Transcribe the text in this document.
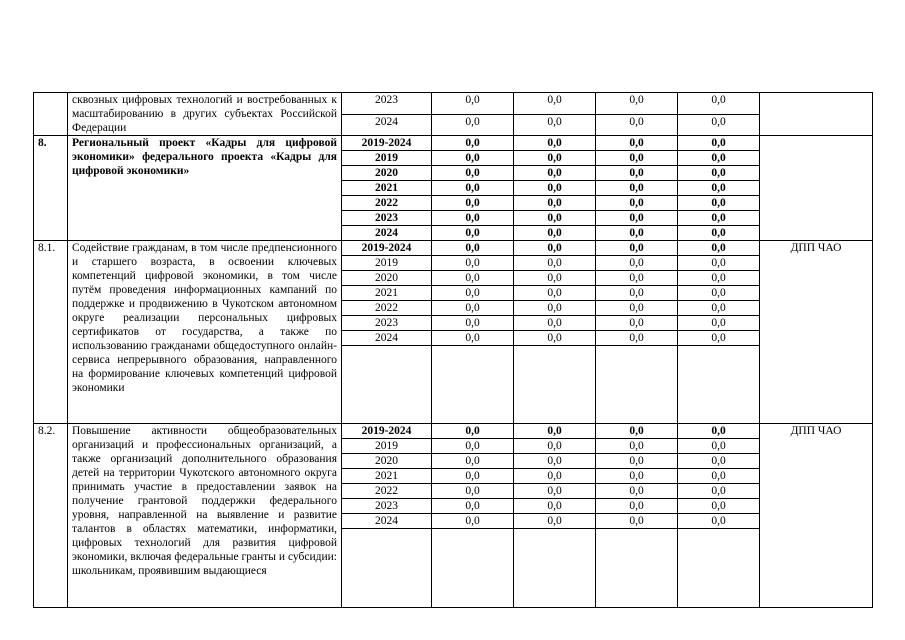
	сквозных цифровых технологий и востребованных к масштабированию в других субъектах Российской Федерации	2023	0,0	0,0	0,0	0,0	
		2024	0,0	0,0	0,0	0,0	
8.	Региональный проект «Кадры для цифровой экономики» федерального проекта «Кадры для цифровой экономики»	2019-2024	0,0	0,0	0,0	0,0	
		2019	0,0	0,0	0,0	0,0	
		2020	0,0	0,0	0,0	0,0	
		2021	0,0	0,0	0,0	0,0	
		2022	0,0	0,0	0,0	0,0	
		2023	0,0	0,0	0,0	0,0	
		2024	0,0	0,0	0,0	0,0	
8.1.	Содействие гражданам, в том числе предпенсионного и старшего возраста, в освоении ключевых компетенций цифровой экономики, в том числе путём проведения информационных кампаний по поддержке и продвижению в Чукотском автономном округе реализации персональных цифровых сертификатов от государства, а также по использованию гражданами общедоступного онлайн-сервиса непрерывного образования, направленного на формирование ключевых компетенций цифровой экономики	2019-2024	0,0	0,0	0,0	0,0	ДПП ЧАО
		2019	0,0	0,0	0,0	0,0	
		2020	0,0	0,0	0,0	0,0	
		2021	0,0	0,0	0,0	0,0	
		2022	0,0	0,0	0,0	0,0	
		2023	0,0	0,0	0,0	0,0	
		2024	0,0	0,0	0,0	0,0	

8.2.	Повышение активности общеобразовательных организаций и профессиональных организаций, а также организаций дополнительного образования детей на территории Чукотского автономного округа принимать участие в предоставлении заявок на получение грантовой поддержки федерального уровня, направленной на выявление и развитие талантов в областях математики, информатики, цифровых технологий для развития цифровой экономики, включая федеральные гранты и субсидии: школьникам, проявившим выдающиеся	2019-2024	0,0	0,0	0,0	0,0	ДПП ЧАО
		2019	0,0	0,0	0,0	0,0	
		2020	0,0	0,0	0,0	0,0	
		2021	0,0	0,0	0,0	0,0	
		2022	0,0	0,0	0,0	0,0	
		2023	0,0	0,0	0,0	0,0	
		2024	0,0	0,0	0,0	0,0	
